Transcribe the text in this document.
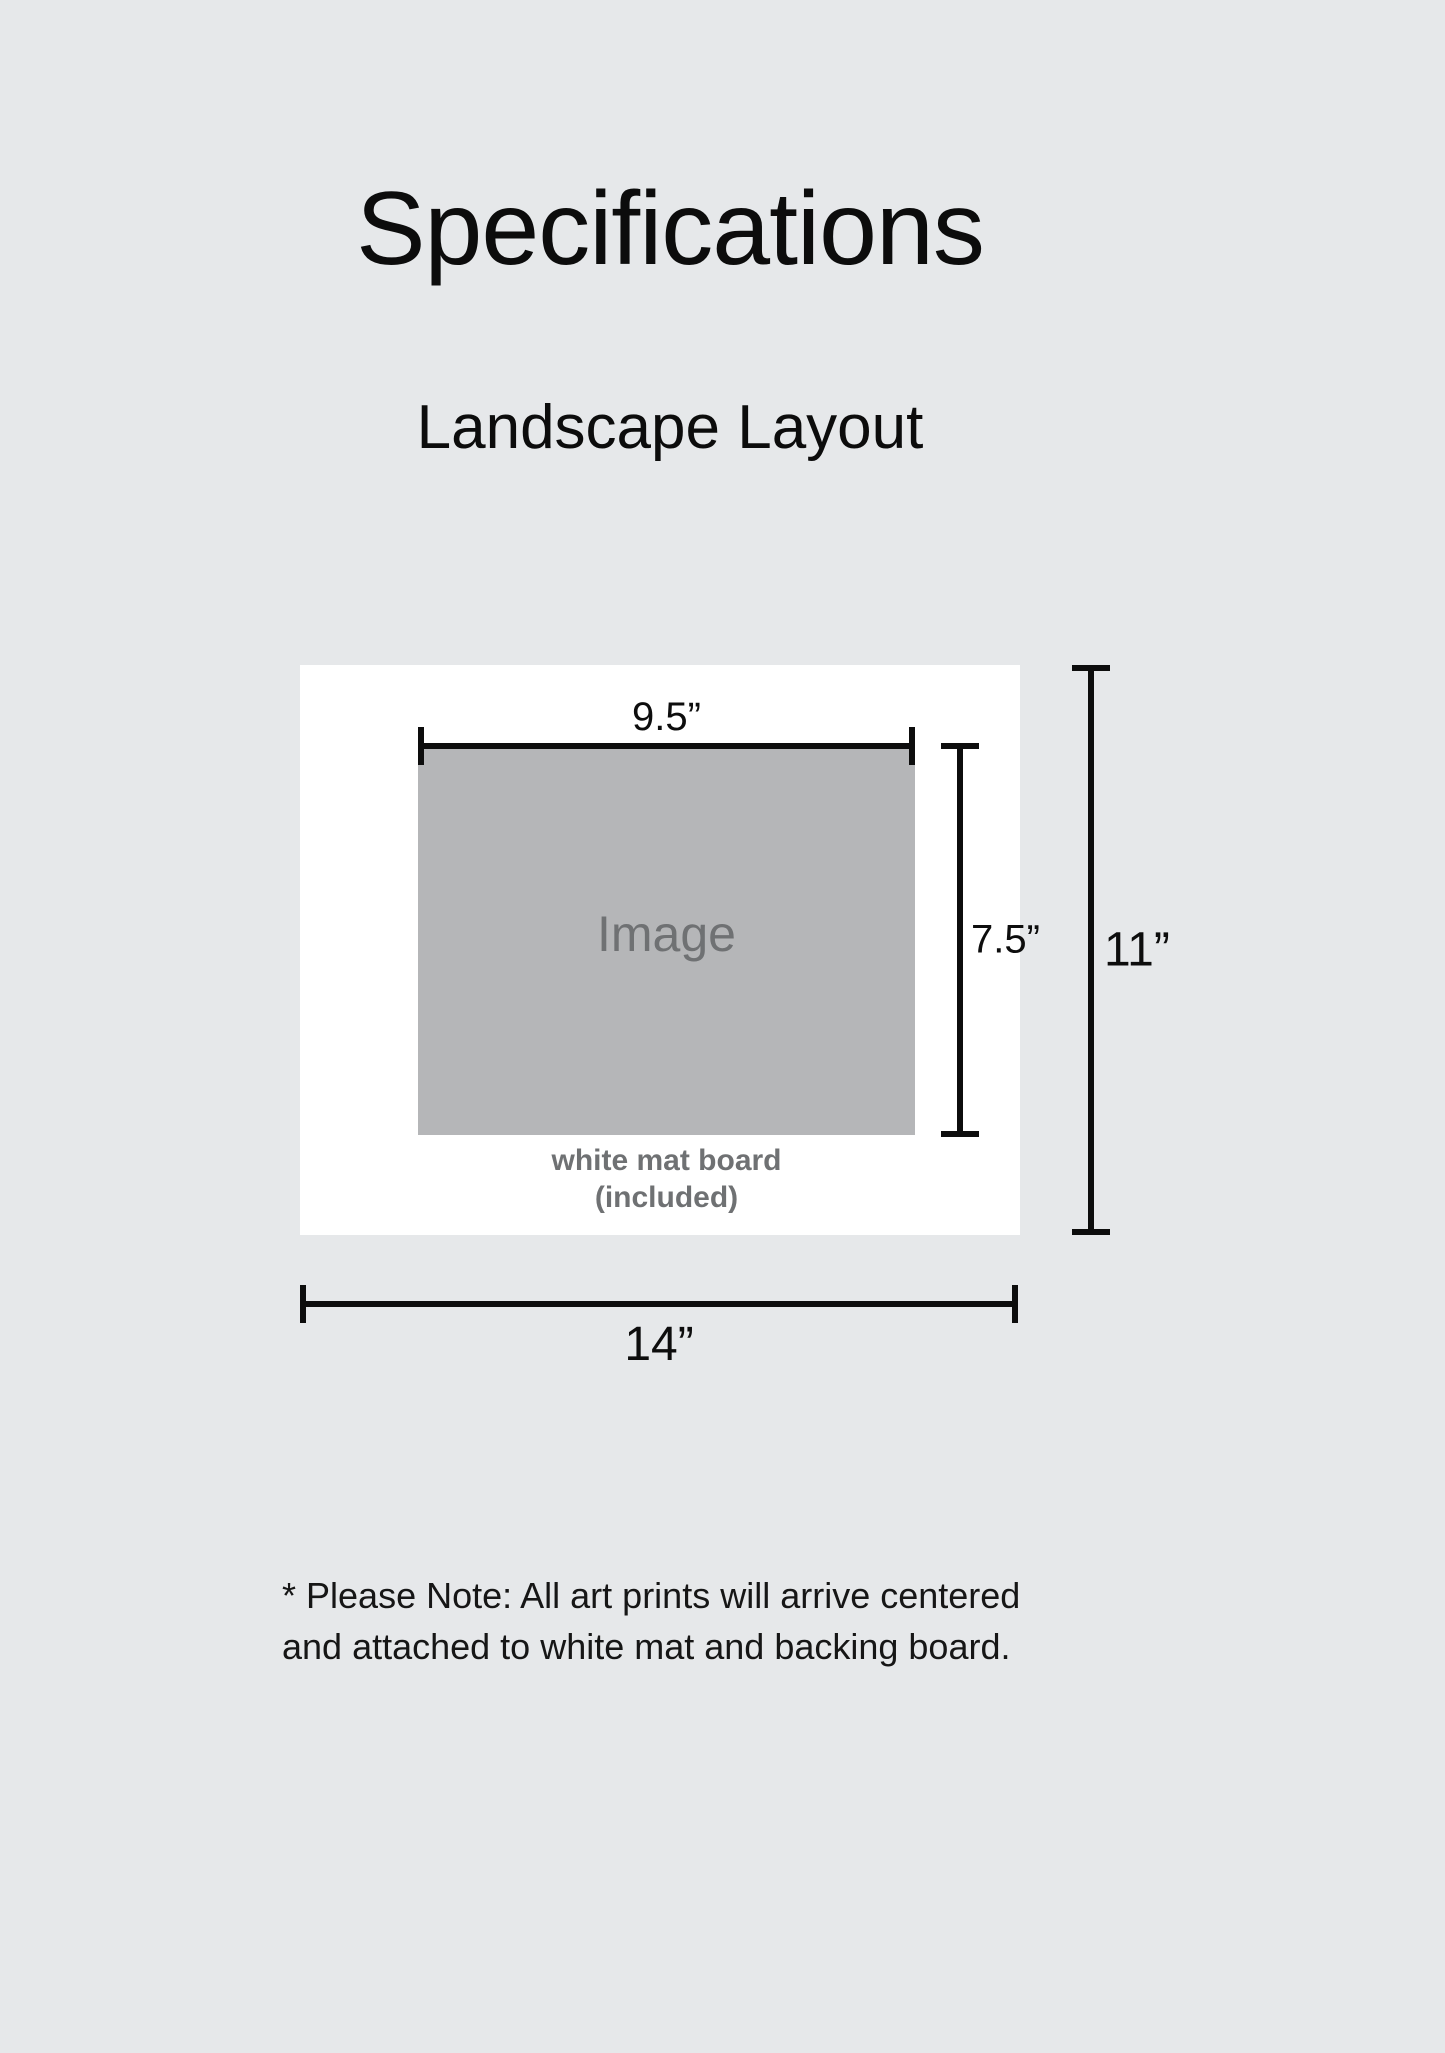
Specifications
Landscape Layout
Image
white mat board
(included)
9.5”
7.5” 11”
14”
* Please Note: All art prints will arrive centered
and attached to white mat and backing board.
